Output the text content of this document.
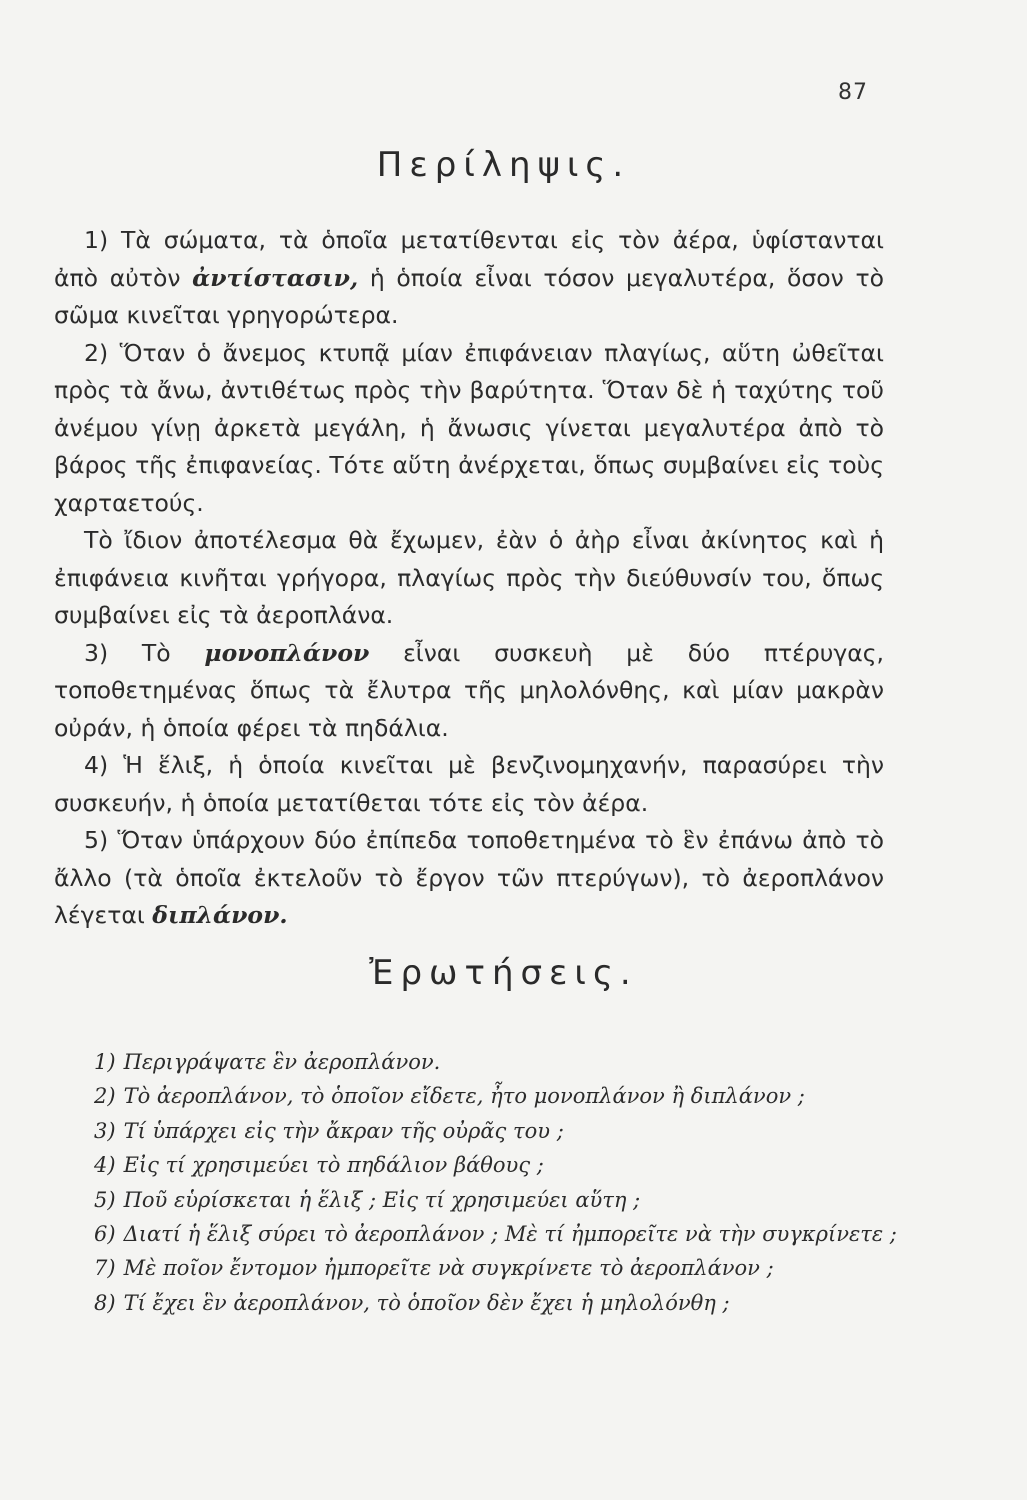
87
Περίληψις.

1) Τὰ σώματα, τὰ ὁποῖα μετατίθενται εἰς τὸν ἀέρα, ὑφίστανται ἀπὸ αὐτὸν ἀντίστασιν, ἡ ὁποία εἶναι τόσον μεγαλυτέρα, ὅσον τὸ σῶμα κινεῖται γρηγορώτερα.

2) Ὅταν ὁ ἄνεμος κτυπᾷ μίαν ἐπιφάνειαν πλαγίως, αὕτη ὠθεῖται πρὸς τὰ ἄνω, ἀντιθέτως πρὸς τὴν βαρύτητα. Ὅταν δὲ ἡ ταχύτης τοῦ ἀνέμου γίνῃ ἀρκετὰ μεγάλη, ἡ ἄνωσις γίνεται μεγαλυτέρα ἀπὸ τὸ βάρος τῆς ἐπιφανείας. Τότε αὕτη ἀνέρχεται, ὅπως συμβαίνει εἰς τοὺς χαρταετούς.

Τὸ ἴδιον ἀποτέλεσμα θὰ ἔχωμεν, ἐὰν ὁ ἀὴρ εἶναι ἀκίνητος καὶ ἡ ἐπιφάνεια κινῆται γρήγορα, πλαγίως πρὸς τὴν διεύθυνσίν του, ὅπως συμβαίνει εἰς τὰ ἀεροπλάνα.

3) Τὸ μονοπλάνον εἶναι συσκευὴ μὲ δύο πτέρυγας, τοποθετημένας ὅπως τὰ ἔλυτρα τῆς μηλολόνθης, καὶ μίαν μακρὰν οὐράν, ἡ ὁποία φέρει τὰ πηδάλια.

4) Ἡ ἕλιξ, ἡ ὁποία κινεῖται μὲ βενζινομηχανήν, παρασύρει τὴν συσκευήν, ἡ ὁποία μετατίθεται τότε εἰς τὸν ἀέρα.

5) Ὅταν ὑπάρχουν δύο ἐπίπεδα τοποθετημένα τὸ ἓν ἐπάνω ἀπὸ τὸ ἄλλο (τὰ ὁποῖα ἐκτελοῦν τὸ ἔργον τῶν πτερύγων), τὸ ἀεροπλάνον λέγεται διπλάνον.

Ἐρωτήσεις.

1) Περιγράψατε ἓν ἀεροπλάνον.

2) Τὸ ἀεροπλάνον, τὸ ὁποῖον εἴδετε, ἦτο μονοπλάνον ἢ διπλάνον ;

3) Τί ὑπάρχει εἰς τὴν ἄκραν τῆς οὐρᾶς του ;

4) Εἰς τί χρησιμεύει τὸ πηδάλιον βάθους ;

5) Ποῦ εὑρίσκεται ἡ ἕλιξ ; Εἰς τί χρησιμεύει αὕτη ;

6) Διατί ἡ ἕλιξ σύρει τὸ ἀεροπλάνον ; Μὲ τί ἠμπορεῖτε νὰ τὴν συγκρίνετε ;

7) Μὲ ποῖον ἔντομον ἠμπορεῖτε νὰ συγκρίνετε τὸ ἀεροπλάνον ;

8) Τί ἔχει ἓν ἀεροπλάνον, τὸ ὁποῖον δὲν ἔχει ἡ μηλολόνθη ;
